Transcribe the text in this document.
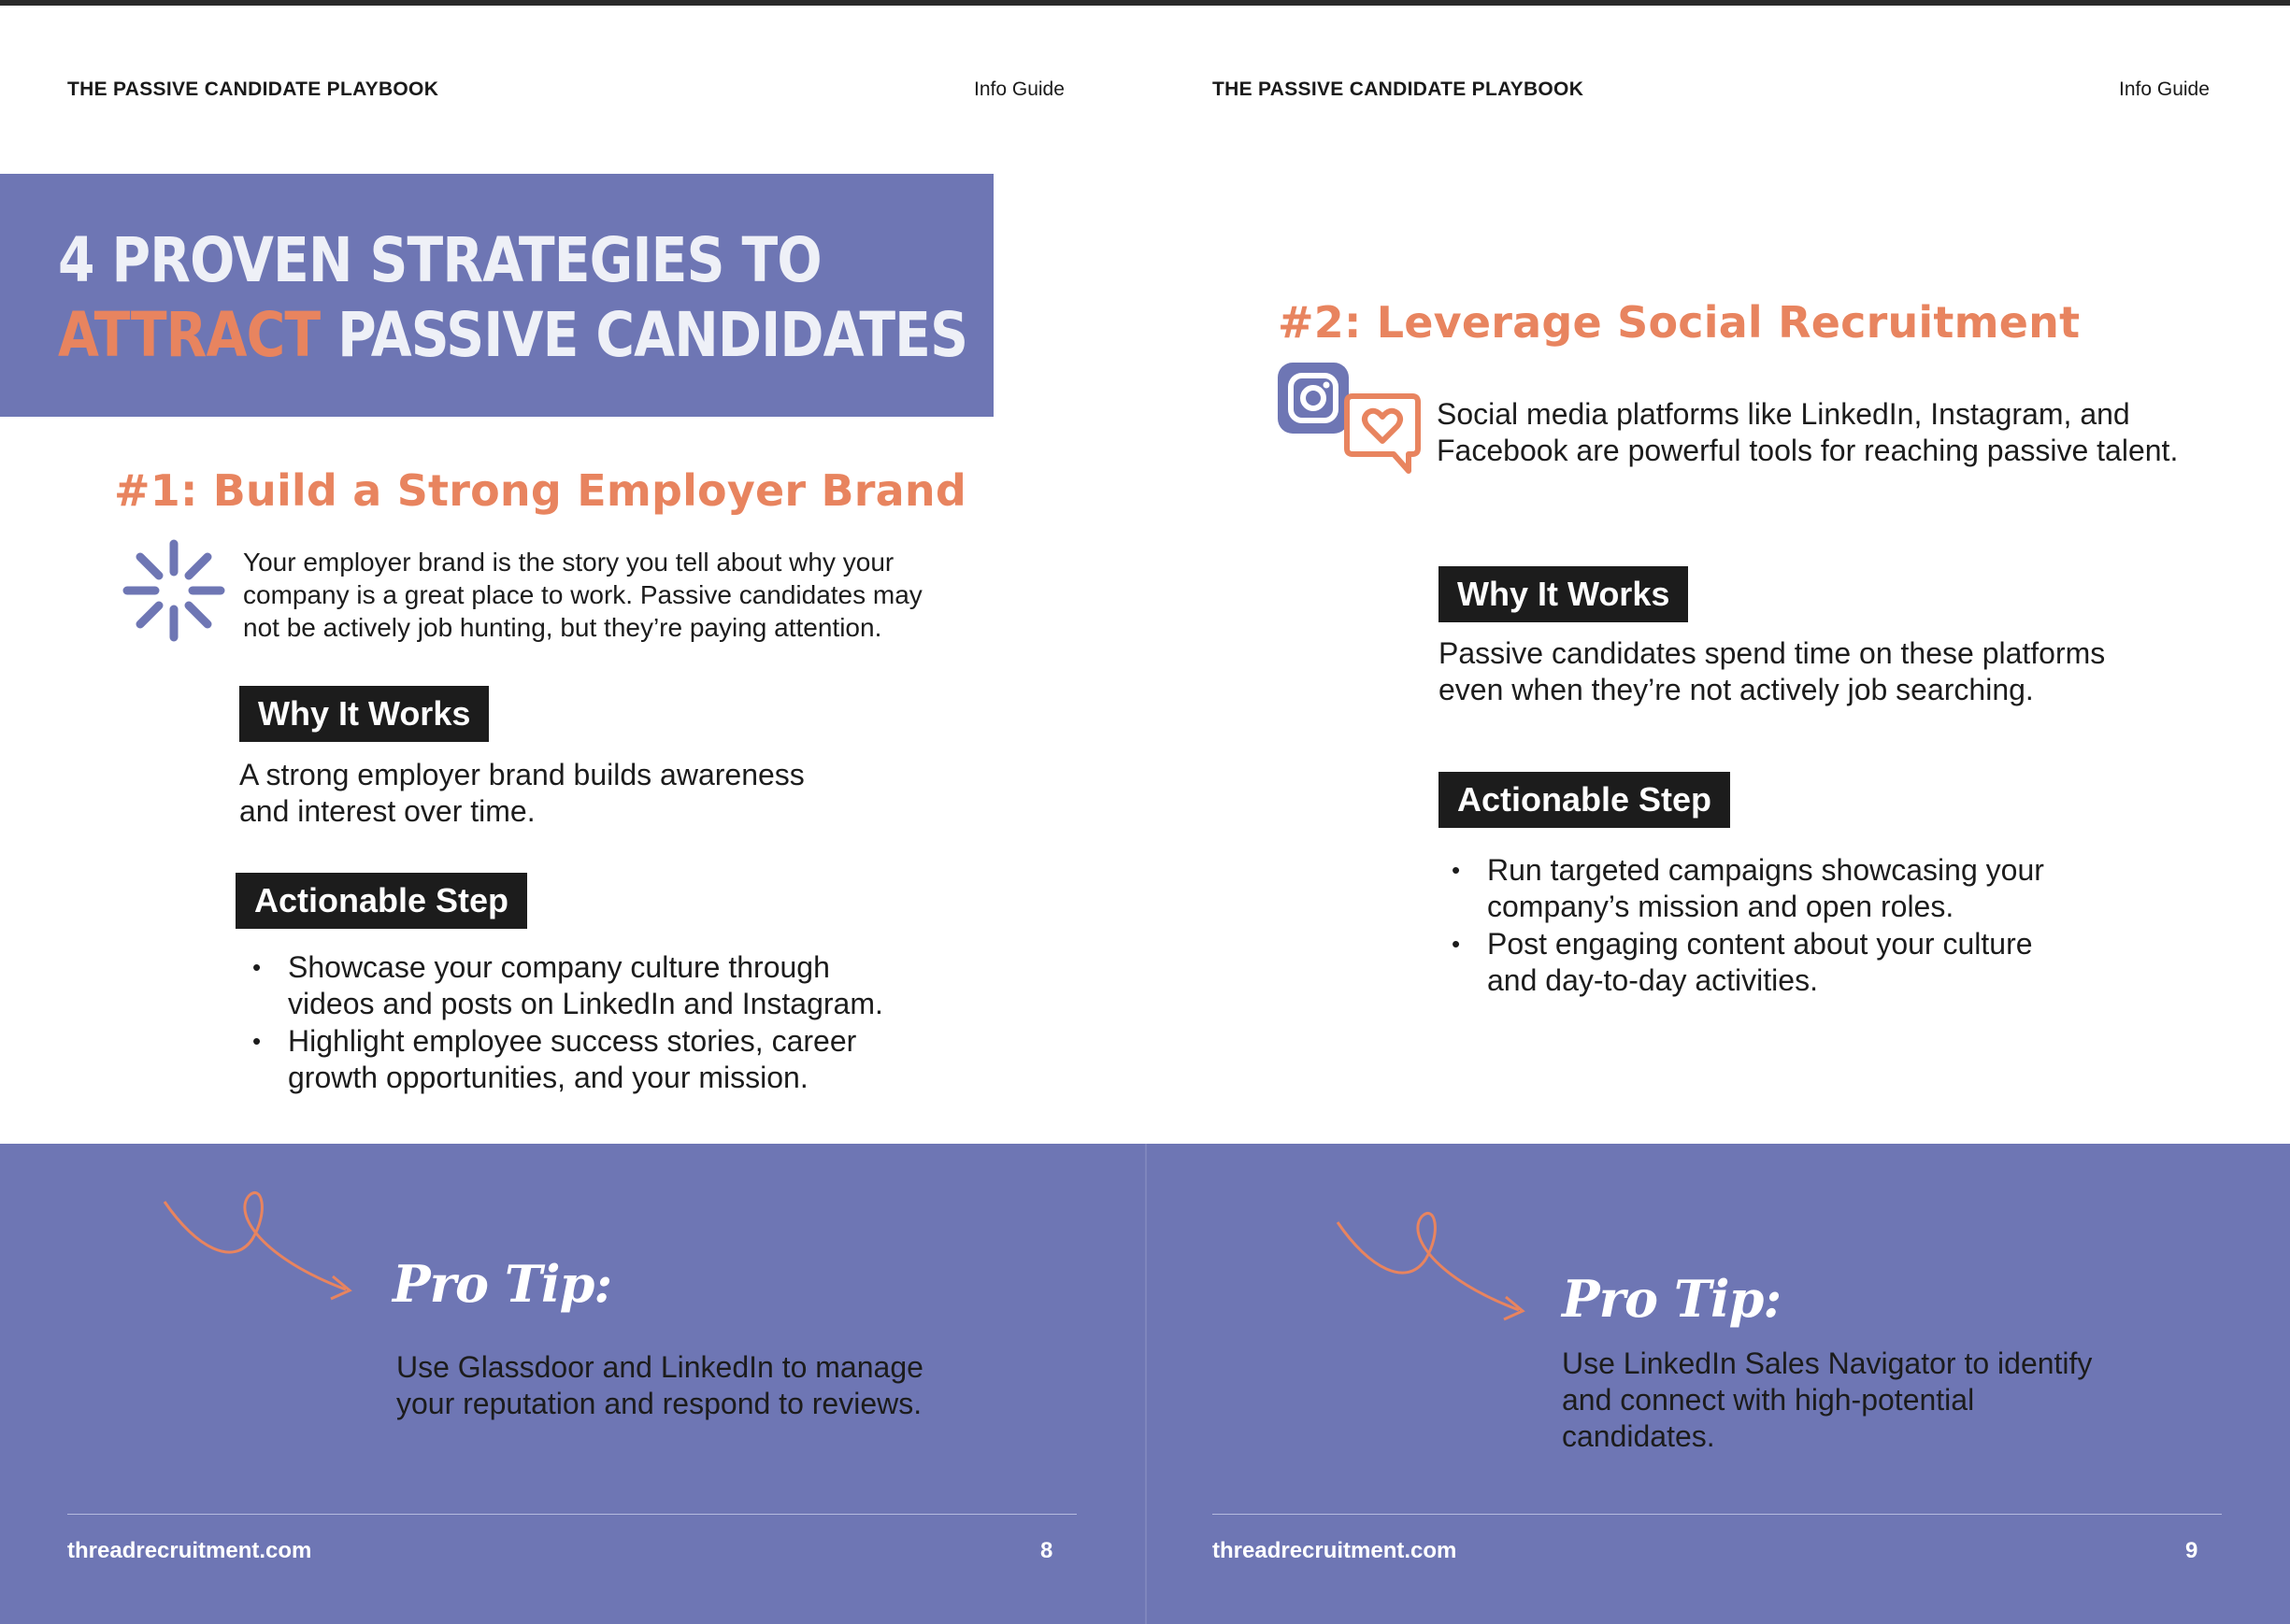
THE PASSIVE CANDIDATE PLAYBOOK	Info Guide
4 PROVEN STRATEGIES TO
ATTRACT PASSIVE CANDIDATES
#1: Build a Strong Employer Brand
Your employer brand is the story you tell about why your
company is a great place to work. Passive candidates may
not be actively job hunting, but they’re paying attention.
Why It Works
A strong employer brand builds awareness
and interest over time.
Actionable Step
• Showcase your company culture through
videos and posts on LinkedIn and Instagram.
• Highlight employee success stories, career
growth opportunities, and your mission.
Pro Tip:
Use Glassdoor and LinkedIn to manage
your reputation and respond to reviews.
threadrecruitment.com	8
THE PASSIVE CANDIDATE PLAYBOOK	Info Guide
#2: Leverage Social Recruitment
Social media platforms like LinkedIn, Instagram, and
Facebook are powerful tools for reaching passive talent.
Why It Works
Passive candidates spend time on these platforms
even when they’re not actively job searching.
Actionable Step
• Run targeted campaigns showcasing your
company’s mission and open roles.
• Post engaging content about your culture
and day-to-day activities.
Pro Tip:
Use LinkedIn Sales Navigator to identify
and connect with high-potential
candidates.
threadrecruitment.com	9
